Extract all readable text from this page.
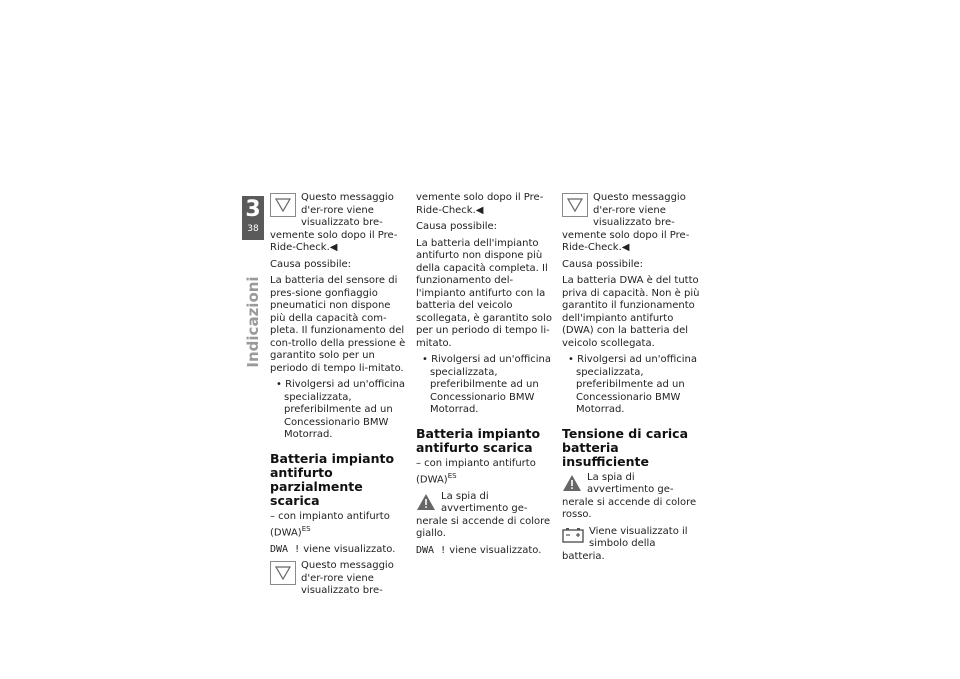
3
38
Indicazioni

Questo messaggio d'er-rore viene visualizzato bre-vemente solo dopo il Pre-Ride-Check.◀

Causa possibile:

La batteria del sensore di pres-sione gonfiaggio pneumatici non dispone più della capacità com-pleta. Il funzionamento del con-trollo della pressione è garantito solo per un periodo di tempo li-mitato.

• Rivolgersi ad un'officina specializzata, preferibilmente ad un Concessionario BMW Motorrad.

Batteria impianto antifurto parzialmente scarica

– con impianto antifurto (DWA)$^{ES}$

DWA ! viene visualizzato.

Questo messaggio d'er-rore viene visualizzato bre-

vemente solo dopo il Pre-Ride-Check.◀

Causa possibile:

La batteria dell'impianto antifurto non dispone più della capacità completa. Il funzionamento del-l'impianto antifurto con la batteria del veicolo scollegata, è garantito solo per un periodo di tempo li-mitato.

• Rivolgersi ad un'officina specializzata, preferibilmente ad un Concessionario BMW Motorrad.

Batteria impianto antifurto scarica

– con impianto antifurto (DWA)$^{ES}$

La spia di avvertimento ge-nerale si accende di colore giallo.

DWA ! viene visualizzato.

Questo messaggio d'er-rore viene visualizzato bre-vemente solo dopo il Pre-Ride-Check.◀

Causa possibile:

La batteria DWA è del tutto priva di capacità. Non è più garantito il funzionamento dell'impianto antifurto (DWA) con la batteria del veicolo scollegata.

• Rivolgersi ad un'officina specializzata, preferibilmente ad un Concessionario BMW Motorrad.

Tensione di carica batteria insufficiente

La spia di avvertimento ge-nerale si accende di colore rosso.

Viene visualizzato il simbolo della batteria.
